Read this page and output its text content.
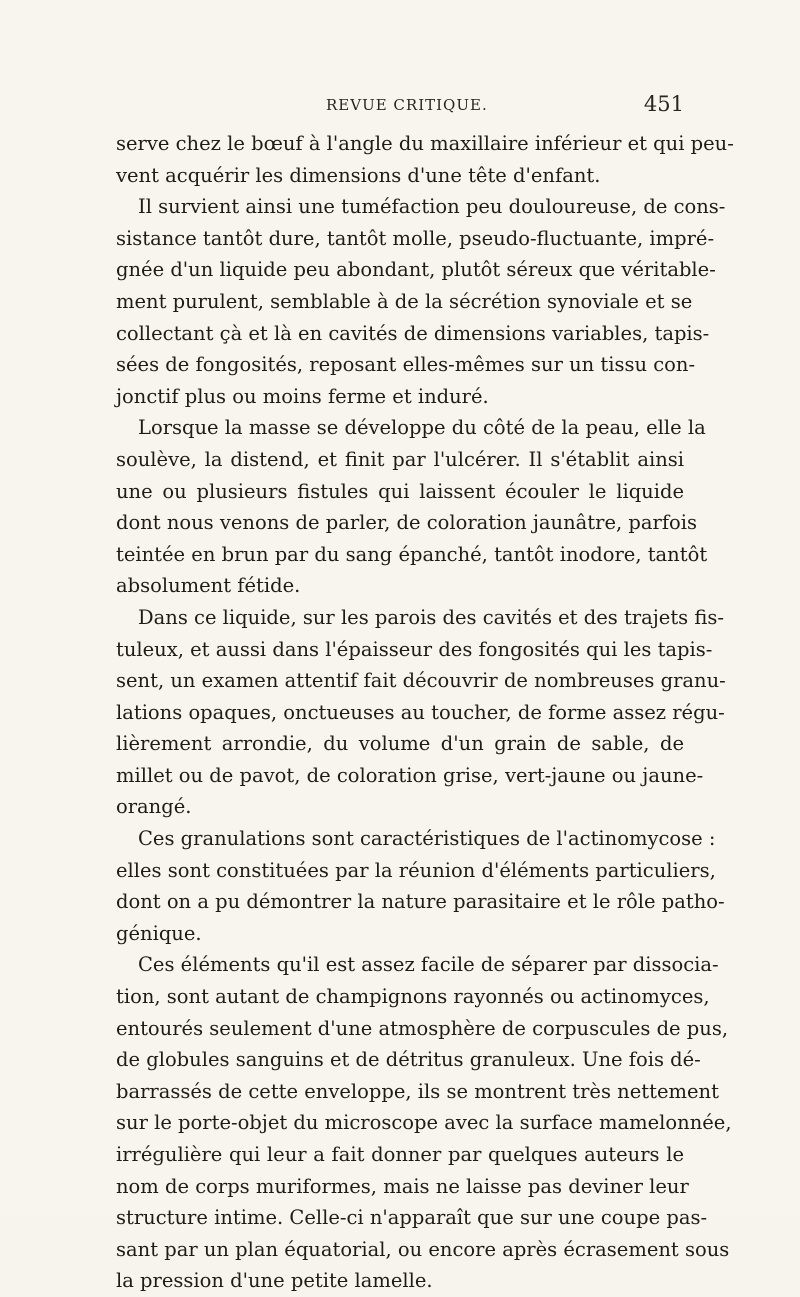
REVUE CRITIQUE.	451
serve chez le bœuf à l'angle du maxillaire inférieur et qui peu-
vent acquérir les dimensions d'une tête d'enfant.
Il survient ainsi une tuméfaction peu douloureuse, de cons-
sistance tantôt dure, tantôt molle, pseudo-fluctuante, impré-
gnée d'un liquide peu abondant, plutôt séreux que véritable-
ment purulent, semblable à de la sécrétion synoviale et se
collectant çà et là en cavités de dimensions variables, tapis-
sées de fongosités, reposant elles-mêmes sur un tissu con-
jonctif plus ou moins ferme et induré.
Lorsque la masse se développe du côté de la peau, elle la
soulève, la distend, et finit par l'ulcérer. Il s'établit ainsi
une ou plusieurs fistules qui laissent écouler le liquide
dont nous venons de parler, de coloration jaunâtre, parfois
teintée en brun par du sang épanché, tantôt inodore, tantôt
absolument fétide.
Dans ce liquide, sur les parois des cavités et des trajets fis-
tuleux, et aussi dans l'épaisseur des fongosités qui les tapis-
sent, un examen attentif fait découvrir de nombreuses granu-
lations opaques, onctueuses au toucher, de forme assez régu-
lièrement arrondie, du volume d'un grain de sable, de
millet ou de pavot, de coloration grise, vert-jaune ou jaune-
orangé.
Ces granulations sont caractéristiques de l'actinomycose :
elles sont constituées par la réunion d'éléments particuliers,
dont on a pu démontrer la nature parasitaire et le rôle patho-
génique.
Ces éléments qu'il est assez facile de séparer par dissocia-
tion, sont autant de champignons rayonnés ou actinomyces,
entourés seulement d'une atmosphère de corpuscules de pus,
de globules sanguins et de détritus granuleux. Une fois dé-
barrassés de cette enveloppe, ils se montrent très nettement
sur le porte-objet du microscope avec la surface mamelonnée,
irrégulière qui leur a fait donner par quelques auteurs le
nom de corps muriformes, mais ne laisse pas deviner leur
structure intime. Celle-ci n'apparaît que sur une coupe pas-
sant par un plan équatorial, ou encore après écrasement sous
la pression d'une petite lamelle.
